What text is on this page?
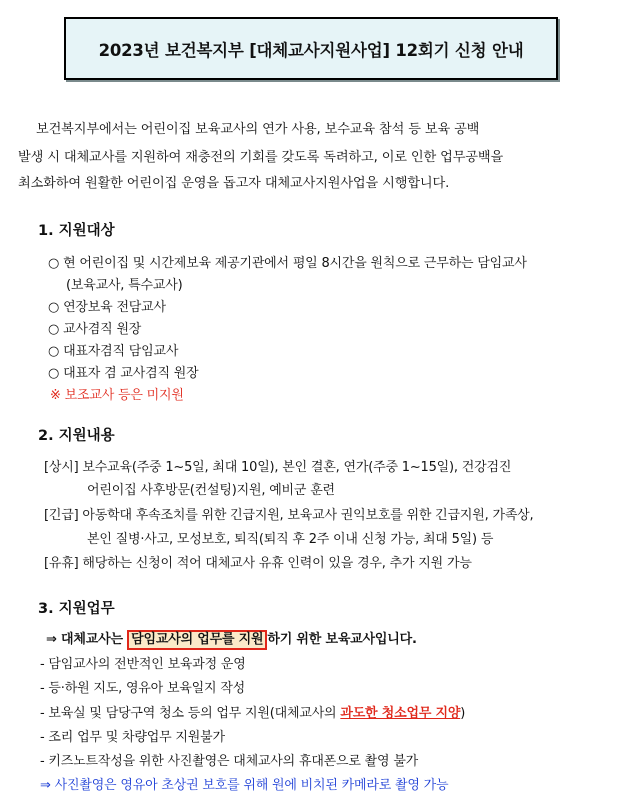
2023년 보건복지부 [대체교사지원사업] 12회기 신청 안내
보건복지부에서는 어린이집 보육교사의 연가 사용, 보수교육 참석 등 보육 공백
발생 시 대체교사를 지원하여 재충전의 기회를 갖도록 독려하고, 이로 인한 업무공백을
최소화하여 원활한 어린이집 운영을 돕고자 대체교사지원사업을 시행합니다.
1. 지원대상
○ 현 어린이집 및 시간제보육 제공기관에서 평일 8시간을 원칙으로 근무하는 담임교사
(보육교사, 특수교사)
○ 연장보육 전담교사
○ 교사겸직 원장
○ 대표자겸직 담임교사
○ 대표자 겸 교사겸직 원장
※ 보조교사 등은 미지원
2. 지원내용
[상시] 보수교육(주중 1~5일, 최대 10일), 본인 결혼, 연가(주중 1~15일), 건강검진
어린이집 사후방문(컨설팅)지원, 예비군 훈련
[긴급] 아동학대 후속조치를 위한 긴급지원, 보육교사 권익보호를 위한 긴급지원, 가족상,
본인 질병·사고, 모성보호, 퇴직(퇴직 후 2주 이내 신청 가능, 최대 5일) 등
[유휴] 해당하는 신청이 적어 대체교사 유휴 인력이 있을 경우, 추가 지원 가능
3. 지원업무
⇒ 대체교사는 담임교사의 업무를 지원 하기 위한 보육교사입니다.
- 담임교사의 전반적인 보육과정 운영
- 등·하원 지도, 영유아 보육일지 작성
- 보육실 및 담당구역 청소 등의 업무 지원(대체교사의 과도한 청소업무 지양)
- 조리 업무 및 차량업무 지원불가
- 키즈노트작성을 위한 사진촬영은 대체교사의 휴대폰으로 촬영 불가
⇒ 사진촬영은 영유아 초상권 보호를 위해 원에 비치된 카메라로 촬영 가능
